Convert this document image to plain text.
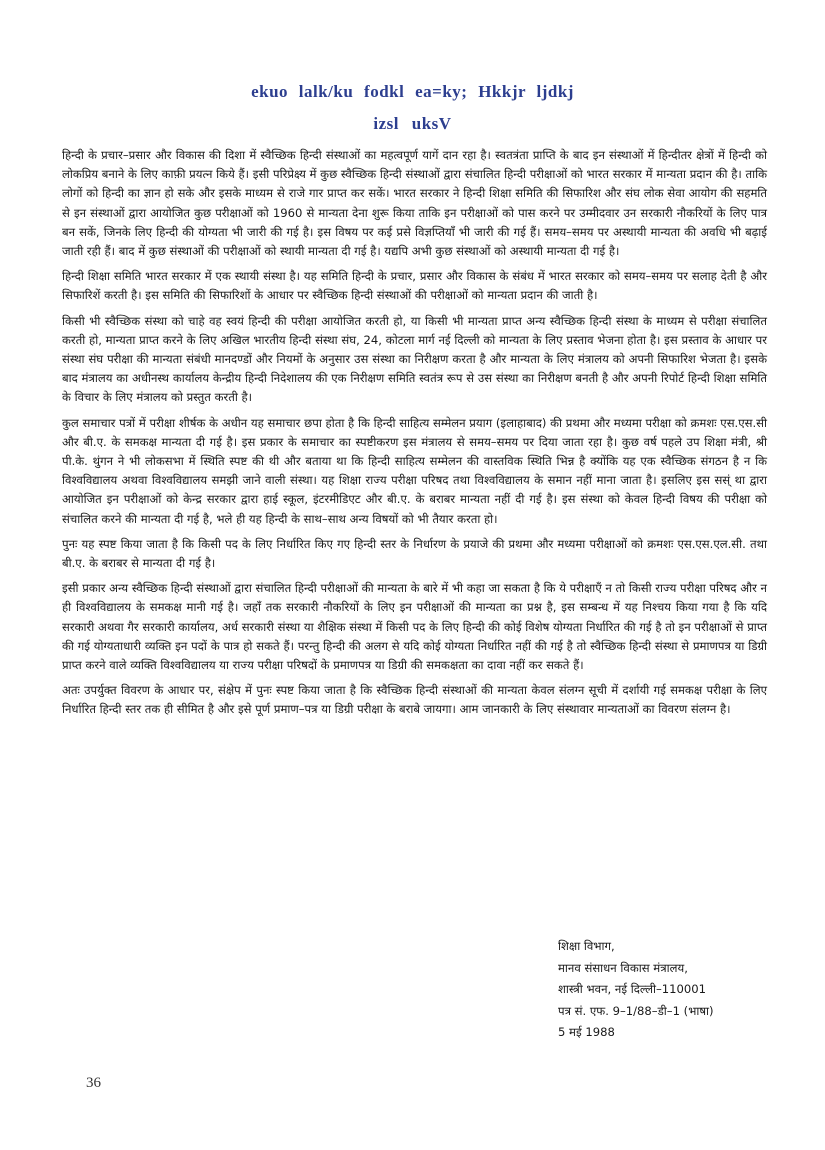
ekuo lalk/ku fodkl ea=ky; Hkkjr ljdkj
izsl uksV

हिन्दी के प्रचार–प्रसार और विकास की दिशा में स्वैच्छिक हिन्दी संस्थाओं का महत्वपूर्ण यागें दान रहा है। स्वतत्रंता प्राप्ति के बाद इन संस्थाओं में हिन्दीतर क्षेत्रों में हिन्दी को लोकप्रिय बनाने के लिए काफ़ी प्रयत्न किये हैं। इसी परिप्रेक्ष्य में कुछ स्वैच्छिक हिन्दी संस्थाओं द्वारा संचालित हिन्दी परीक्षाओं को भारत सरकार में मान्यता प्रदान की है। ताकि लोगों को हिन्दी का ज्ञान हो सके और इसके माध्यम से राजे गार प्राप्त कर सकें। भारत सरकार ने हिन्दी शिक्षा समिति की सिफारिश और संघ लोक सेवा आयोग की सहमति से इन संस्थाओं द्वारा आयोजित कुछ परीक्षाओं को 1960 से मान्यता देना शुरू किया ताकि इन परीक्षाओं को पास करने पर उम्मीदवार उन सरकारी नौकरियों के लिए पात्र बन सकें, जिनके लिए हिन्दी की योग्यता भी जारी की गई है। इस विषय पर कई प्रसे विज्ञप्तियाँ भी जारी की गई हैं। समय–समय पर अस्थायी मान्यता की अवधि भी बढ़ाई जाती रही हैं। बाद में कुछ संस्थाओं की परीक्षाओं को स्थायी मान्यता दी गई है। यद्यपि अभी कुछ संस्थाओं को अस्थायी मान्यता दी गई है।

हिन्दी शिक्षा समिति भारत सरकार में एक स्थायी संस्था है। यह समिति हिन्दी के प्रचार, प्रसार और विकास के संबंध में भारत सरकार को समय–समय पर सलाह देती है और सिफारिशें करती है। इस समिति की सिफारिशों के आधार पर स्वैच्छिक हिन्दी संस्थाओं की परीक्षाओं को मान्यता प्रदान की जाती है।

किसी भी स्वैच्छिक संस्था को चाहे वह स्वयं हिन्दी की परीक्षा आयोजित करती हो, या किसी भी मान्यता प्राप्त अन्य स्वैच्छिक हिन्दी संस्था के माध्यम से परीक्षा संचालित करती हो, मान्यता प्राप्त करने के लिए अखिल भारतीय हिन्दी संस्था संघ, 24, कोटला मार्ग नई दिल्ली को मान्यता के लिए प्रस्ताव भेजना होता है। इस प्रस्ताव के आधार पर संस्था संघ परीक्षा की मान्यता संबंधी मानदण्डों और नियमों के अनुसार उस संस्था का निरीक्षण करता है और मान्यता के लिए मंत्रालय को अपनी सिफारिश भेजता है। इसके बाद मंत्रालय का अधीनस्थ कार्यालय केन्द्रीय हिन्दी निदेशालय की एक निरीक्षण समिति स्वतंत्र रूप से उस संस्था का निरीक्षण बनती है और अपनी रिपोर्ट हिन्दी शिक्षा समिति के विचार के लिए मंत्रालय को प्रस्तुत करती है।

कुल समाचार पत्रों में परीक्षा शीर्षक के अधीन यह समाचार छपा होता है कि हिन्दी साहित्य सम्मेलन प्रयाग (इलाहाबाद) की प्रथमा और मध्यमा परीक्षा को क्रमशः एस.एस.सी और बी.ए. के समकक्ष मान्यता दी गई है। इस प्रकार के समाचार का स्पष्टीकरण इस मंत्रालय से समय–समय पर दिया जाता रहा है। कुछ वर्ष पहले उप शिक्षा मंत्री, श्री पी.के. थुंगन ने भी लोकसभा में स्थिति स्पष्ट की थी और बताया था कि हिन्दी साहित्य सम्मेलन की वास्तविक स्थिति भिन्न है क्योंकि यह एक स्वैच्छिक संगठन है न कि विश्वविद्यालय अथवा विश्वविद्यालय समझी जाने वाली संस्था। यह शिक्षा राज्य परीक्षा परिषद तथा विश्वविद्यालय के समान नहीं माना जाता है। इसलिए इस सस्ं था द्वारा आयोजित इन परीक्षाओं को केन्द्र सरकार द्वारा हाई स्कूल, इंटरमीडिएट और बी.ए. के बराबर मान्यता नहीं दी गई है। इस संस्था को केवल हिन्दी विषय की परीक्षा को संचालित करने की मान्यता दी गई है, भले ही यह हिन्दी के साथ–साथ अन्य विषयों को भी तैयार करता हो।

पुनः यह स्पष्ट किया जाता है कि किसी पद के लिए निर्धारित किए गए हिन्दी स्तर के निर्धारण के प्रयाजे की प्रथमा और मध्यमा परीक्षाओं को क्रमशः एस.एस.एल.सी. तथा बी.ए. के बराबर से मान्यता दी गई है।

इसी प्रकार अन्य स्वैच्छिक हिन्दी संस्थाओं द्वारा संचालित हिन्दी परीक्षाओं की मान्यता के बारे में भी कहा जा सकता है कि ये परीक्षाएँ न तो किसी राज्य परीक्षा परिषद और न ही विश्वविद्यालय के समकक्ष मानी गई है। जहाँ तक सरकारी नौकरियों के लिए इन परीक्षाओं की मान्यता का प्रश्न है, इस सम्बन्ध में यह निश्चय किया गया है कि यदि सरकारी अथवा गैर सरकारी कार्यालय, अर्ध सरकारी संस्था या शैक्षिक संस्था में किसी पद के लिए हिन्दी की कोई विशेष योग्यता निर्धारित की गई है तो इन परीक्षाओं से प्राप्त की गई योग्यताधारी व्यक्ति इन पदों के पात्र हो सकते हैं। परन्तु हिन्दी की अलग से यदि कोई योग्यता निर्धारित नहीं की गई है तो स्वैच्छिक हिन्दी संस्था से प्रमाणपत्र या डिग्री प्राप्त करने वाले व्यक्ति विश्वविद्यालय या राज्य परीक्षा परिषदों के प्रमाणपत्र या डिग्री की समकक्षता का दावा नहीं कर सकते हैं।

अतः उपर्युक्त विवरण के आधार पर, संक्षेप में पुनः स्पष्ट किया जाता है कि स्वैच्छिक हिन्दी संस्थाओं की मान्यता केवल संलग्न सूची में दर्शायी गई समकक्ष परीक्षा के लिए निर्धारित हिन्दी स्तर तक ही सीमित है और इसे पूर्ण प्रमाण–पत्र या डिग्री परीक्षा के बराबे जायगा। आम जानकारी के लिए संस्थावार मान्यताओं का विवरण संलग्न है।

शिक्षा विभाग,
मानव संसाधन विकास मंत्रालय,
शास्त्री भवन, नई दिल्ली–110001
पत्र सं. एफ. 9–1/88–डी–1 (भाषा)
5 मई 1988
36
